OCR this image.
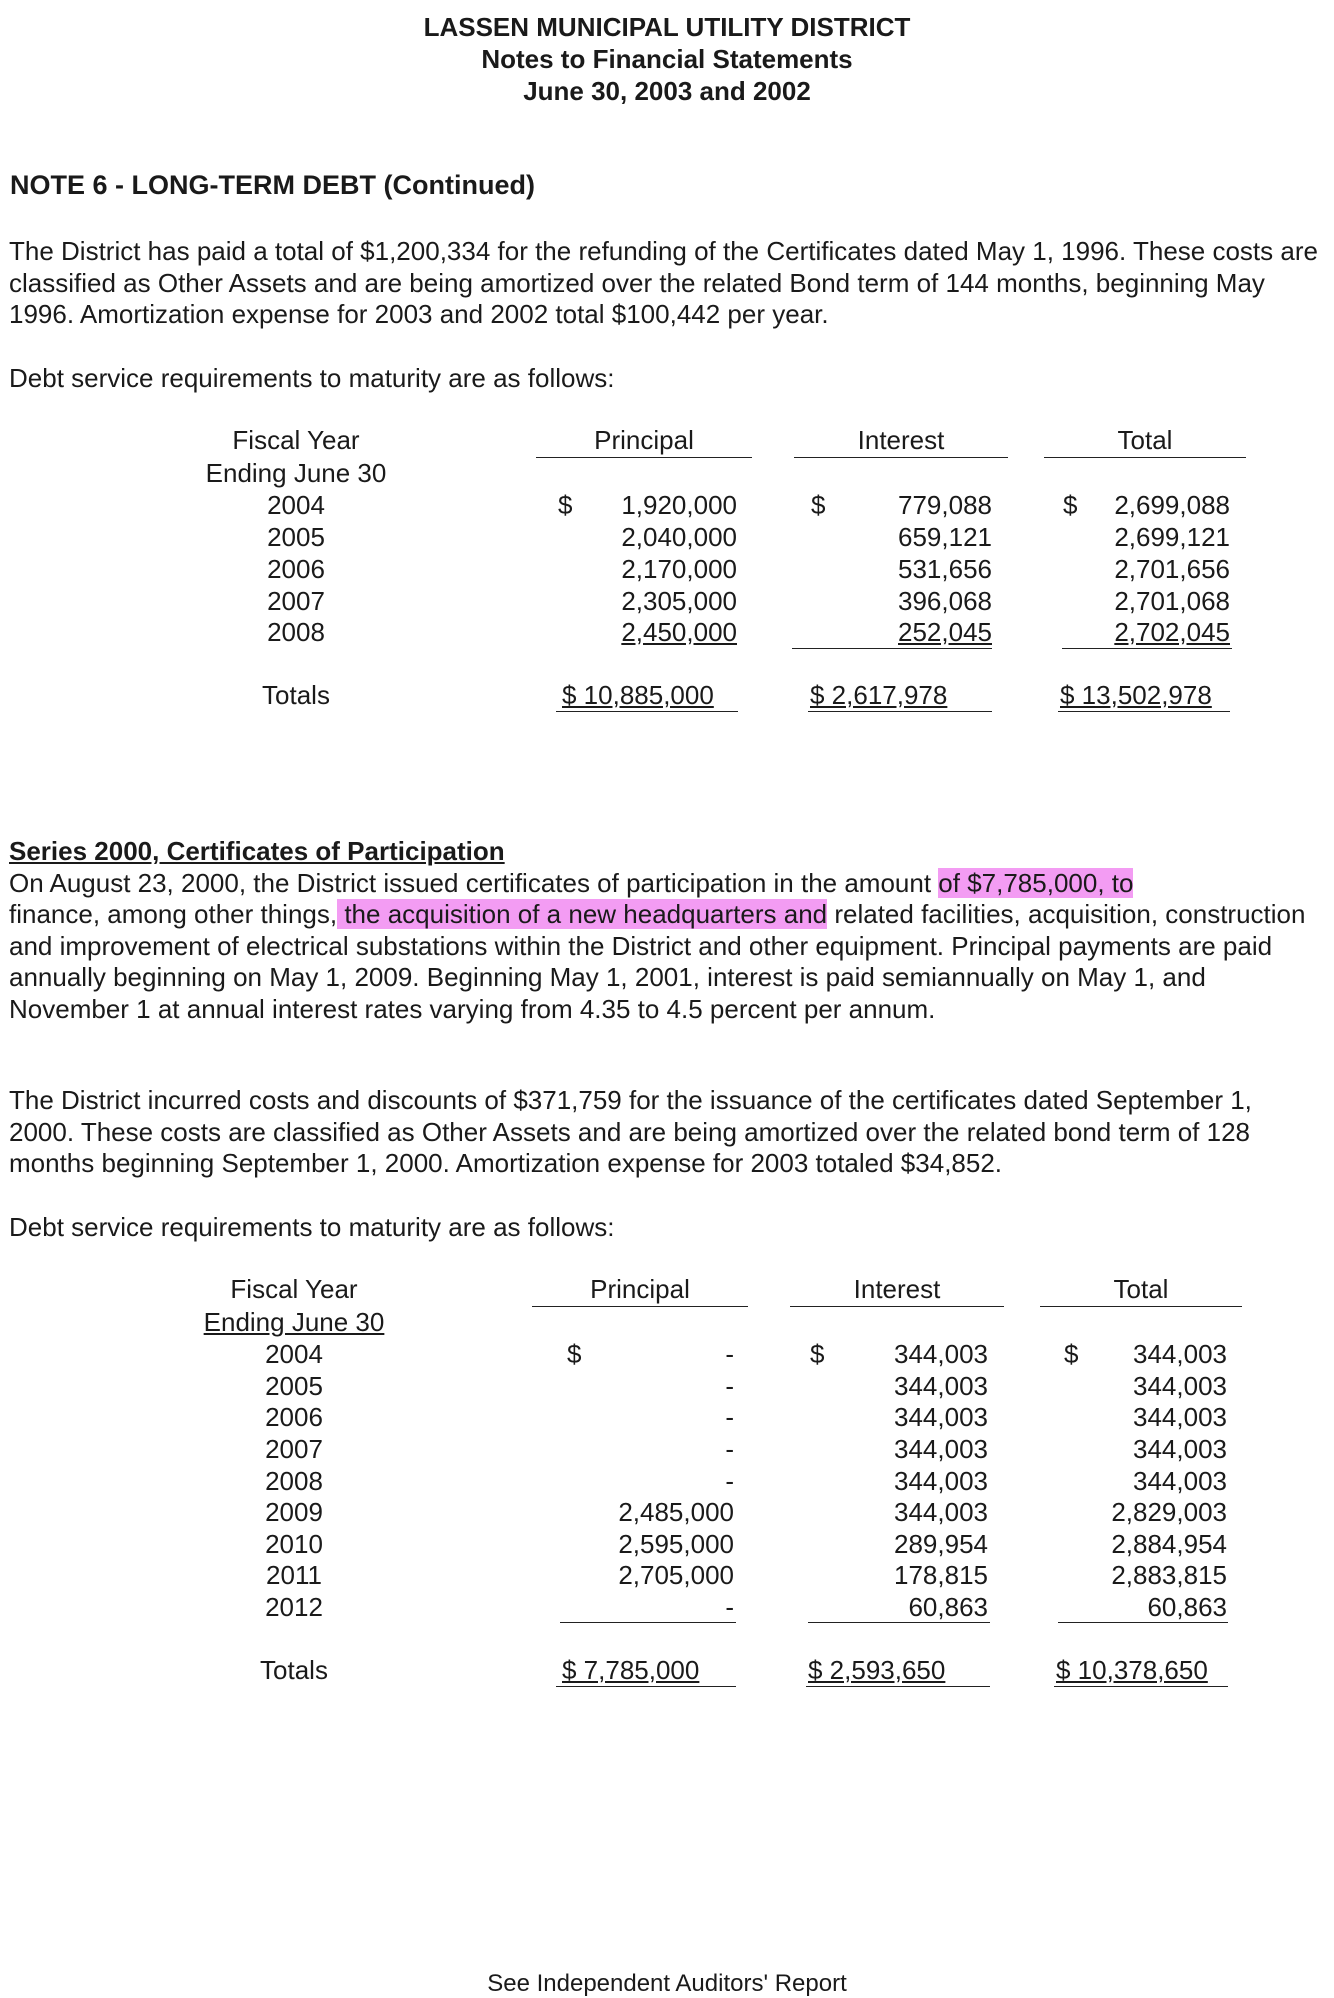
LASSEN MUNICIPAL UTILITY DISTRICT
Notes to Financial Statements
June 30, 2003 and 2002
NOTE 6 - LONG-TERM DEBT (Continued)

The District has paid a total of $1,200,334 for the refunding of the Certificates dated May 1, 1996. These costs are classified as Other Assets and are being amortized over the related Bond term of 144 months, beginning May 1996. Amortization expense for 2003 and 2002 total $100,442 per year.

Debt service requirements to maturity are as follows:

Fiscal Year
Ending June 30
Principal	Interest	Total
$	$	$
2004	1,920,000	779,088	2,699,088
2005	2,040,000	659,121	2,699,121
2006	2,170,000	531,656	2,701,656
2007	2,305,000	396,068	2,701,068
2008	2,450,000	252,045	2,702,045
Totals	$ 10,885,000	$ 2,617,978	$ 13,502,978

Series 2000, Certificates of Participation
On August 23, 2000, the District issued certificates of participation in the amount of $7,785,000, to
finance, among other things, the acquisition of a new headquarters and related facilities, acquisition, construction and improvement of electrical substations within the District and other equipment. Principal payments are paid annually beginning on May 1, 2009. Beginning May 1, 2001, interest is paid semiannually on May 1, and November 1 at annual interest rates varying from 4.35 to 4.5 percent per annum.

The District incurred costs and discounts of $371,759 for the issuance of the certificates dated September 1, 2000. These costs are classified as Other Assets and are being amortized over the related bond term of 128 months beginning September 1, 2000. Amortization expense for 2003 totaled $34,852.

Debt service requirements to maturity are as follows:

Fiscal Year
Ending June 30
Principal	Interest	Total
$	$	$
2004	-	344,003	344,003
2005	-	344,003	344,003
2006	-	344,003	344,003
2007	-	344,003	344,003
2008	-	344,003	344,003
2009	2,485,000	344,003	2,829,003
2010	2,595,000	289,954	2,884,954
2011	2,705,000	178,815	2,883,815
2012	-	60,863	60,863
Totals	$ 7,785,000	$ 2,593,650	$ 10,378,650
See Independent Auditors' Report
